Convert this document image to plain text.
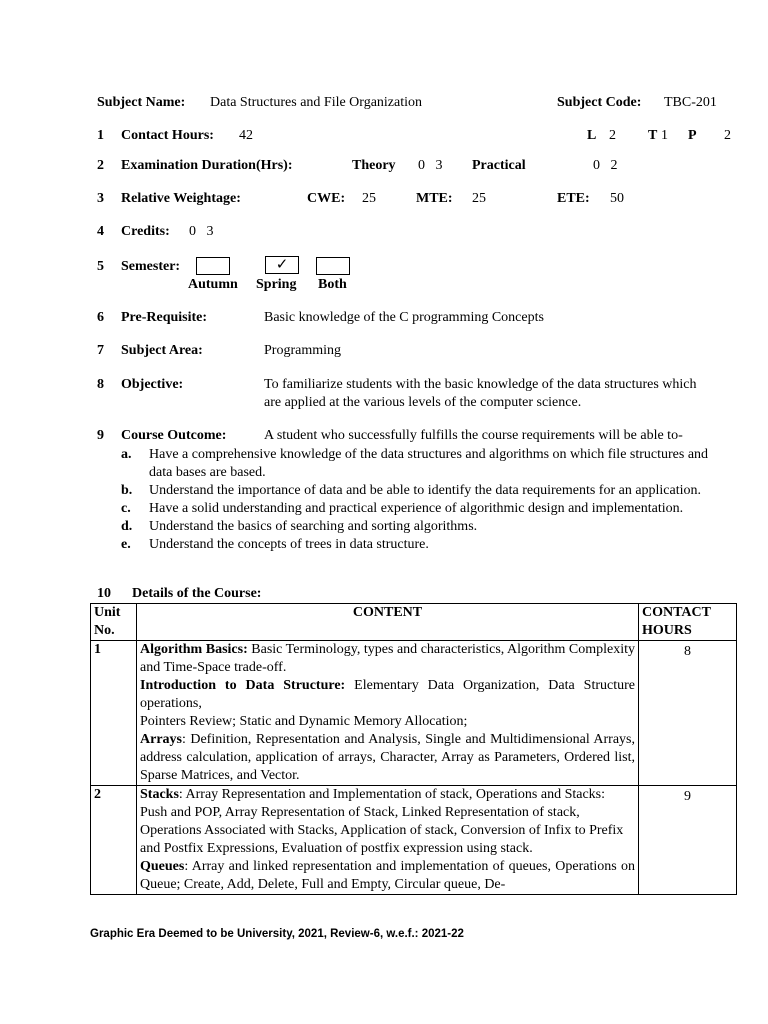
Subject Name: Data Structures and File Organization	Subject Code: TBC-201
1 Contact Hours: 42	L 2 T 1 P 2
2 Examination Duration(Hrs):	Theory 0   3 Practical	0   2
3 Relative Weightage:	CWE: 25	MTE: 25	ETE: 50
4 Credits: 0   3
5 Semester:	✓
Autumn Spring Both
6 Pre-Requisite:	Basic knowledge of the C programming Concepts
7 Subject Area:	Programming
8 Objective:	To familiarize students with the basic knowledge of the data structures which are applied at the various levels of the computer science.
9 Course Outcome:	A student who successfully fulfills the course requirements will be able to-
a. Have a comprehensive knowledge of the data structures and algorithms on which file structures and data bases are based.
b. Understand the importance of data and be able to identify the data requirements for an application.
c. Have a solid understanding and practical experience of algorithmic design and implementation.
d. Understand the basics of searching and sorting algorithms.
e. Understand the concepts of trees in data structure.
10 Details of the Course:
Unit No.	CONTENT	CONTACT HOURS
1	Algorithm Basics: Basic Terminology, types and characteristics, Algorithm Complexity and Time-Space trade-off.
Introduction to Data Structure: Elementary Data Organization, Data Structure operations,
Pointers Review; Static and Dynamic Memory Allocation;
Arrays: Definition, Representation and Analysis, Single and Multidimensional Arrays, address calculation, application of arrays, Character, Array as Parameters, Ordered list, Sparse Matrices, and Vector.	8
2	Stacks: Array Representation and Implementation of stack, Operations and Stacks: Push and POP, Array Representation of Stack, Linked Representation of stack, Operations Associated with Stacks, Application of stack, Conversion of Infix to Prefix and Postfix Expressions, Evaluation of postfix expression using stack.
Queues: Array and linked representation and implementation of queues, Operations on Queue; Create, Add, Delete, Full and Empty, Circular queue, De-	9
Graphic Era Deemed to be University, 2021, Review-6, w.e.f.: 2021-22
